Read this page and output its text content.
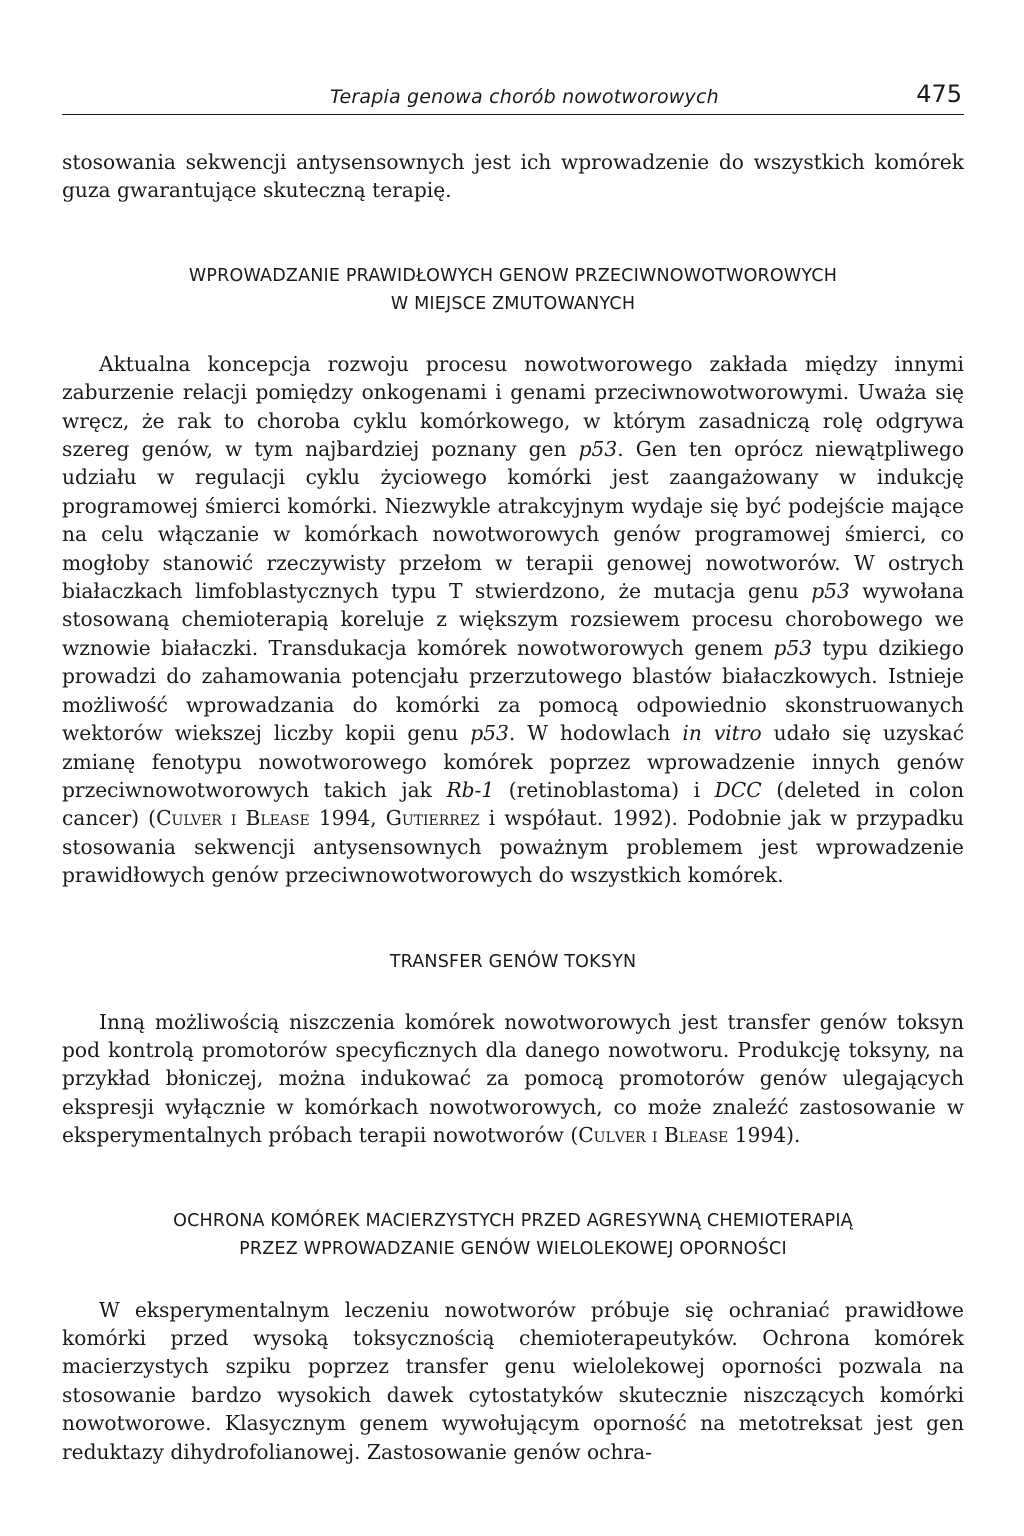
Terapia genowa chorób nowotworowych	475

stosowania sekwencji antysensownych jest ich wprowadzenie do wszystkich komórek guza gwarantujące skuteczną terapię.

WPROWADZANIE PRAWIDŁOWYCH GENOW PRZECIWNOWOTWOROWYCH
W MIEJSCE ZMUTOWANYCH

Aktualna koncepcja rozwoju procesu nowotworowego zakłada między innymi zaburzenie relacji pomiędzy onkogenami i genami przeciwnowotworowymi. Uważa się wręcz, że rak to choroba cyklu komórkowego, w którym zasadniczą rolę odgrywa szereg genów, w tym najbardziej poznany gen p53. Gen ten oprócz niewątpliwego udziału w regulacji cyklu życiowego komórki jest zaangażowany w indukcję programowej śmierci komórki. Niezwykle atrakcyjnym wydaje się być podejście mające na celu włączanie w komórkach nowotworowych genów programowej śmierci, co mogłoby stanowić rzeczywisty przełom w terapii genowej nowotworów. W ostrych białaczkach limfoblastycznych typu T stwierdzono, że mutacja genu p53 wywołana stosowaną chemioterapią koreluje z większym rozsiewem procesu chorobowego we wznowie białaczki. Transdukacja komórek nowotworowych genem p53 typu dzikiego prowadzi do zahamowania potencjału przerzutowego blastów białaczkowych. Istnieje możliwość wprowadzania do komórki za pomocą odpowiednio skonstruowanych wektorów wiekszej liczby kopii genu p53. W hodowlach in vitro udało się uzyskać zmianę fenotypu nowotworowego komórek poprzez wprowadzenie innych genów przeciwnowotworowych takich jak Rb-1 (retinoblastoma) i DCC (deleted in colon cancer) (Culver i Blease 1994, Gutierrez i współaut. 1992). Podobnie jak w przypadku stosowania sekwencji antysensownych poważnym problemem jest wprowadzenie prawidłowych genów przeciwnowotworowych do wszystkich komórek.

TRANSFER GENÓW TOKSYN

Inną możliwością niszczenia komórek nowotworowych jest transfer genów toksyn pod kontrolą promotorów specyficznych dla danego nowotworu. Produkcję toksyny, na przykład błoniczej, można indukować za pomocą promotorów genów ulegających ekspresji wyłącznie w komórkach nowotworowych, co może znaleźć zastosowanie w eksperymentalnych próbach terapii nowotworów (Culver i Blease 1994).

OCHRONA KOMÓREK MACIERZYSTYCH PRZED AGRESYWNĄ CHEMIOTERAPIĄ
PRZEZ WPROWADZANIE GENÓW WIELOLEKOWEJ OPORNOŚCI

W eksperymentalnym leczeniu nowotworów próbuje się ochraniać prawidłowe komórki przed wysoką toksycznością chemioterapeutyków. Ochrona komórek macierzystych szpiku poprzez transfer genu wielolekowej oporności pozwala na stosowanie bardzo wysokich dawek cytostatyków skutecznie niszczących komórki nowotworowe. Klasycznym genem wywołującym oporność na metotreksat jest gen reduktazy dihydrofolianowej. Zastosowanie genów ochra-
